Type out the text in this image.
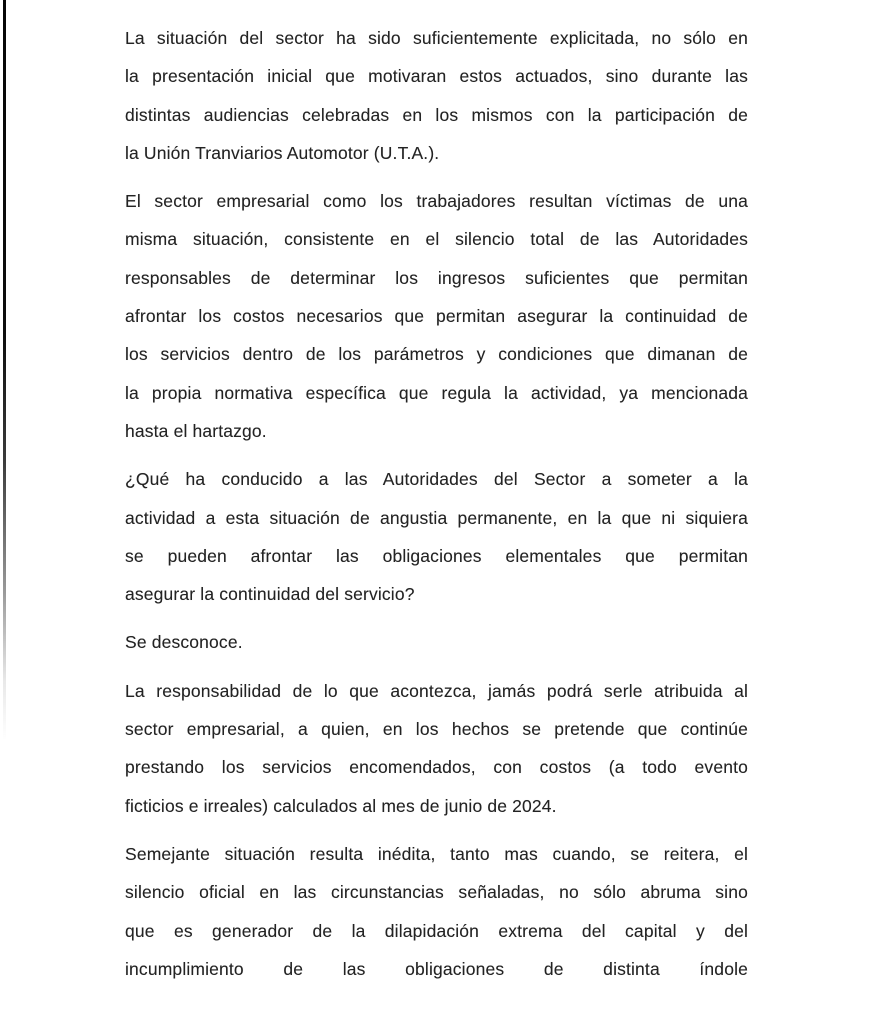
La situación del sector ha sido suficientemente explicitada, no sólo en
la presentación inicial que motivaran estos actuados, sino durante las
distintas audiencias celebradas en los mismos con la participación de
la Unión Tranviarios Automotor (U.T.A.).
El sector empresarial como los trabajadores resultan víctimas de una
misma situación, consistente en el silencio total de las Autoridades
responsables de determinar los ingresos suficientes que permitan
afrontar los costos necesarios que permitan asegurar la continuidad de
los servicios dentro de los parámetros y condiciones que dimanan de
la propia normativa específica que regula la actividad, ya mencionada
hasta el hartazgo.
¿Qué ha conducido a las Autoridades del Sector a someter a la
actividad a esta situación de angustia permanente, en la que ni siquiera
se pueden afrontar las obligaciones elementales que permitan
asegurar la continuidad del servicio?
Se desconoce.
La responsabilidad de lo que acontezca, jamás podrá serle atribuida al
sector empresarial, a quien, en los hechos se pretende que continúe
prestando los servicios encomendados, con costos (a todo evento
ficticios e irreales) calculados al mes de junio de 2024.
Semejante situación resulta inédita, tanto mas cuando, se reitera, el
silencio oficial en las circunstancias señaladas, no sólo abruma sino
que es generador de la dilapidación extrema del capital y del
incumplimiento de las obligaciones de distinta índole
